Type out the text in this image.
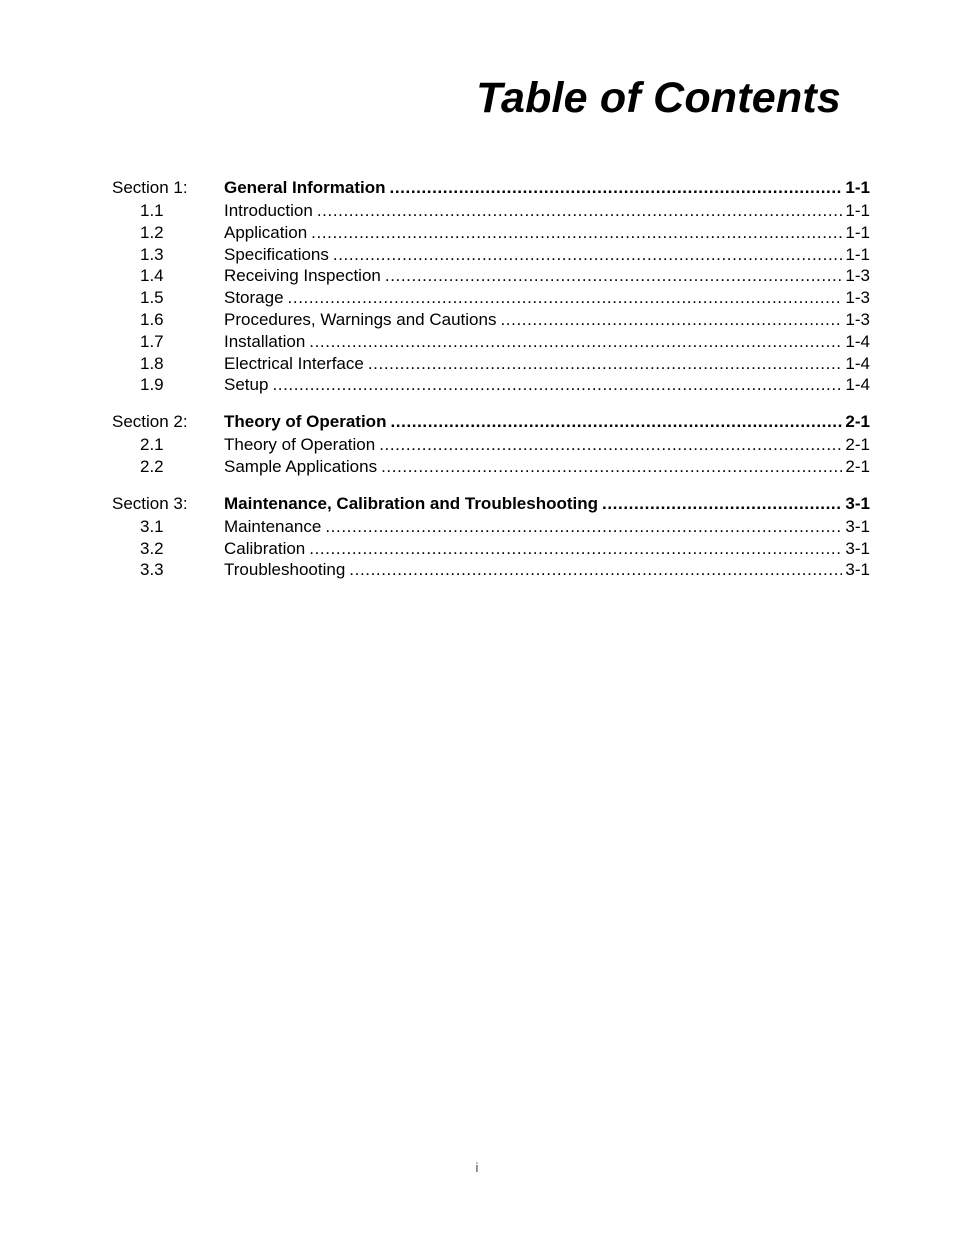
Table of Contents
Section 1:	General Information .....	1-1
1.1	Introduction .....	1-1
1.2	Application .....	1-1
1.3	Specifications .....	1-1
1.4	Receiving Inspection .....	1-3
1.5	Storage .....	1-3
1.6	Procedures, Warnings and Cautions .....	1-3
1.7	Installation .....	1-4
1.8	Electrical Interface .....	1-4
1.9	Setup .....	1-4
Section 2:	Theory of Operation .....	2-1
2.1	Theory of Operation .....	2-1
2.2	Sample Applications .....	2-1
Section 3:	Maintenance, Calibration and Troubleshooting .....	3-1
3.1	Maintenance .....	3-1
3.2	Calibration .....	3-1
3.3	Troubleshooting .....	3-1
i
